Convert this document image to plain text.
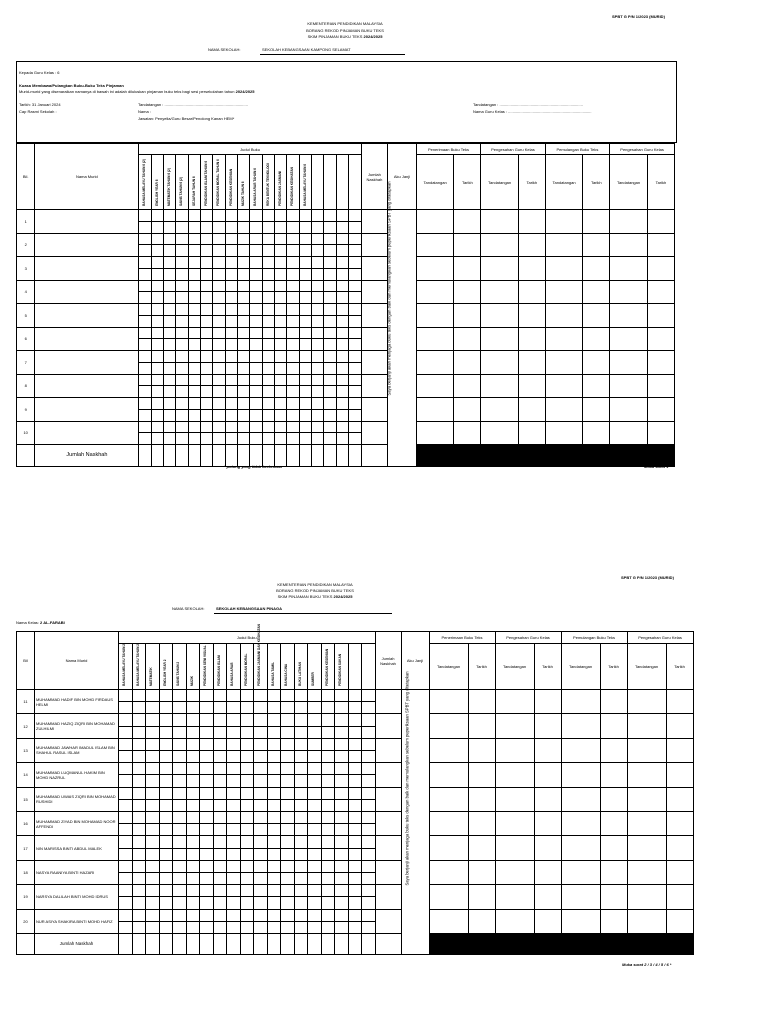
SPBT G P/N 1/2023 (MURID)
KEMENTERIAN PENDIDIKAN MALAYSIA
BORANG REKOD PINJAMAN BUKU TEKS
SKIM PINJAMAN BUKU TEKS 2024/2025
NAMA SEKOLAH:	SEKOLAH KEBANGSAAN KAMPONG SELAMAT
Kepada Guru Kelas : 6
Kuasa Membawa/Pulangkan Buku-Buku Teks Pinjaman
Murid-murid yang disenaraikan namanya di bawah ini adalah diluluskan pinjaman buku teks bagi sesi persekolahan tahun 2024/2025
Tarikh: 31 Januari 2024
Cap Rasmi Sekolah :
Tandatangan : ...........................................................................
Nama :
Jawatan: Penyelia/Guru Besar/Penolong Kanan HEM*
Tandatangan : ...........................................................................
Nama Guru Kelas : ...........................................................................
Bil.	Nama Murid	Judul Buku																		Jumlah Naskhah	Aku Janji	Penerimaan Buku Teks		Pengesahan Guru Kelas		Pemulangan Buku Teks		Pengesahan Guru Kelas	

		BAHASA MELAYU TAHUN 6 (2)	ENGLISH YEAR 6	MATEMATIK TAHUN 6 (2)	SAINS TAHUN 6 (2)	SEJARAH TAHUN 6	PENDIDIKAN ISLAM TAHUN 6	PENDIDIKAN MORAL TAHUN 6	PENDIDIKAN KESENIAN	MUZIK TAHUN 6	BAHASA ARAB TAHUN 6	REKA BENTUK TEKNOLOGI	PENDIDIKAN JASMANI	PENDIDIKAN KESIHATAN	BAHASA MELAYU TAHUN 6							Tandatangan	Tarikh	Tandatangan	Tarikh	Tandatangan	Tarikh	Tandatangan	Tarikh

1		

2			

3			

4			

5			

6			

7			

8			

9			

10			

	Jumlah Naskhah																												
Saya berjanji akan menjaga buku teks dengan baik dan memulangkan sebelum peperiksaan SPBT yang ditetapkan
* potong yang tidak berkenaan	Muka surat 1
SPBT G P/N 1/2023 (MURID)
KEMENTERIAN PENDIDIKAN MALAYSIA
BORANG REKOD PINJAMAN BUKU TEKS
SKIM PINJAMAN BUKU TEKS 2024/2025
NAMA SEKOLAH:	SEKOLAH KEBANGSAAN PINAGA
Nama Kelas: 2 AL-FARABI
Bil	Nama Murid	Judul Buku																			Jumlah Naskhah	Aku Janji	Penerimaan Buku Teks		Pengesahan Guru Kelas		Pemulangan Buku Teks		Pengesahan Guru Kelas	

		BAHASA MELAYU TAHUN 2	BAHASA MELAYU TAHUN 2	MATEMATIK	ENGLISH YEAR 2	SAINS TAHUN 2	MUZIK	PENDIDIKAN SENI VISUAL	PENDIDIKAN ISLAM	BAHASA ARAB	PENDIDIKAN MORAL	PENDIDIKAN JASMANI DAN KESIHATAN	BAHASA TAMIL	BAHASA CINA	BUKU LATIHAN	SUMBER	PENDIDIKAN KESENIAN	PENDIDIKAN SUKAN					Tandatangan	Tarikh	Tandatangan	Tarikh	Tandatangan	Tarikh	Tandatangan	Tarikh

11	MUHAMMAD HADIF BIN MOHD FIRDAUS HELMI	

12	MUHAMMAD HAZIQ ZIQRI BIN MOHAMAD ZULHILMI		

13	MUHAMMAD JAWHAR IMADUL ISLAM BIN SHAHUL RASUL ISLAM		

14	MUHAMMAD LUQMANUL HAKIM BIN MOHD NAZRUL		

15	MUHAMMAD UWAIS ZIQRI BIN MOHAMAD RUSHIDI		

16	MUHAMMAD ZIYAD BIN MOHAMAD NOOR AFFENDI		

17	NIN MARISSA BINTI ABDUL MALEK		

18	NASYA RAANIYA BINTI HAZARI		

19	NARSYA DALILAH BINTI MOHD IDRUS		

20	NUR ASIYA SHAKIRA BINTI MOHD HAFIZ		

	Jumlah Naskhah																													
Saya berjanji akan menjaga buku teks dengan baik dan memulangkan sebelum peperiksaan SPBT yang ditetapkan
Muka surat 2 / 3 / 4 / 5 / 6 *
